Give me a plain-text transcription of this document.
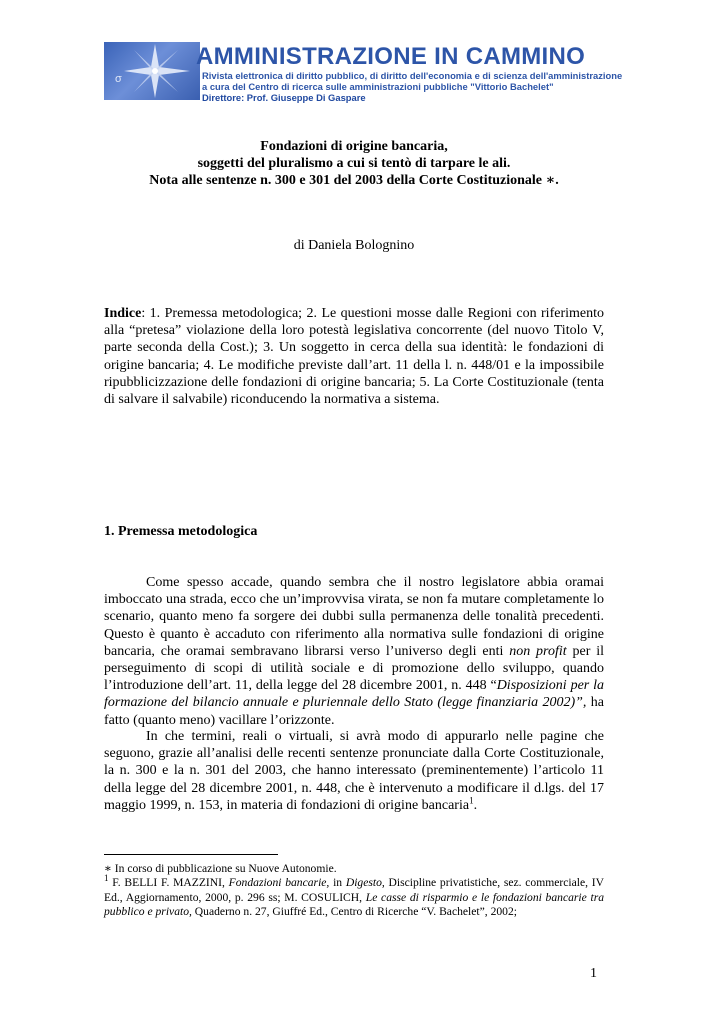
σ
AMMINISTRAZIONE IN CAMMINO
Rivista elettronica di diritto pubblico, di diritto dell'economia e di scienza dell'amministrazione
a cura del Centro di ricerca sulle amministrazioni pubbliche "Vittorio Bachelet"
Direttore: Prof. Giuseppe Di Gaspare
Fondazioni di origine bancaria,
soggetti del pluralismo a cui si tentò di tarpare le ali.
Nota alle sentenze n. 300 e 301 del 2003 della Corte Costituzionale ∗.
di Daniela Bolognino

Indice: 1. Premessa metodologica; 2. Le questioni mosse dalle Regioni con riferimento alla “pretesa” violazione della loro potestà legislativa concorrente (del nuovo Titolo V, parte seconda della Cost.); 3. Un soggetto in cerca della sua identità: le fondazioni di origine bancaria; 4. Le modifiche previste dall’art. 11 della l. n. 448/01 e la impossibile ripubblicizzazione delle fondazioni di origine bancaria; 5. La Corte Costituzionale (tenta di salvare il salvabile) riconducendo la normativa a sistema.

1. Premessa metodologica

Come spesso accade, quando sembra che il nostro legislatore abbia oramai imboccato una strada, ecco che un’improvvisa virata, se non fa mutare completamente lo scenario, quanto meno fa sorgere dei dubbi sulla permanenza delle tonalità precedenti. Questo è quanto è accaduto con riferimento alla normativa sulle fondazioni di origine bancaria, che oramai sembravano librarsi verso l’universo degli enti non profit per il perseguimento di scopi di utilità sociale e di promozione dello sviluppo, quando l’introduzione dell’art. 11, della legge del 28 dicembre 2001, n. 448 “Disposizioni per la formazione del bilancio annuale e pluriennale dello Stato (legge finanziaria 2002)”, ha fatto (quanto meno) vacillare l’orizzonte.

In che termini, reali o virtuali, si avrà modo di appurarlo nelle pagine che seguono, grazie all’analisi delle recenti sentenze pronunciate dalla Corte Costituzionale, la n. 300 e la n. 301 del 2003, che hanno interessato (preminentemente) l’articolo 11 della legge del 28 dicembre 2001, n. 448, che è intervenuto a modificare il d.lgs. del 17 maggio 1999, n. 153, in materia di fondazioni di origine bancaria$^1$.

∗ In corso di pubblicazione su Nuove Autonomie.

$^1$ F. BELLI F. MAZZINI, Fondazioni bancarie, in Digesto, Discipline privatistiche, sez. commerciale, IV Ed., Aggiornamento, 2000, p. 296 ss; M. COSULICH, Le casse di risparmio e le fondazioni bancarie tra pubblico e privato, Quaderno n. 27, Giuffré Ed., Centro di Ricerche “V. Bachelet”, 2002;

1
